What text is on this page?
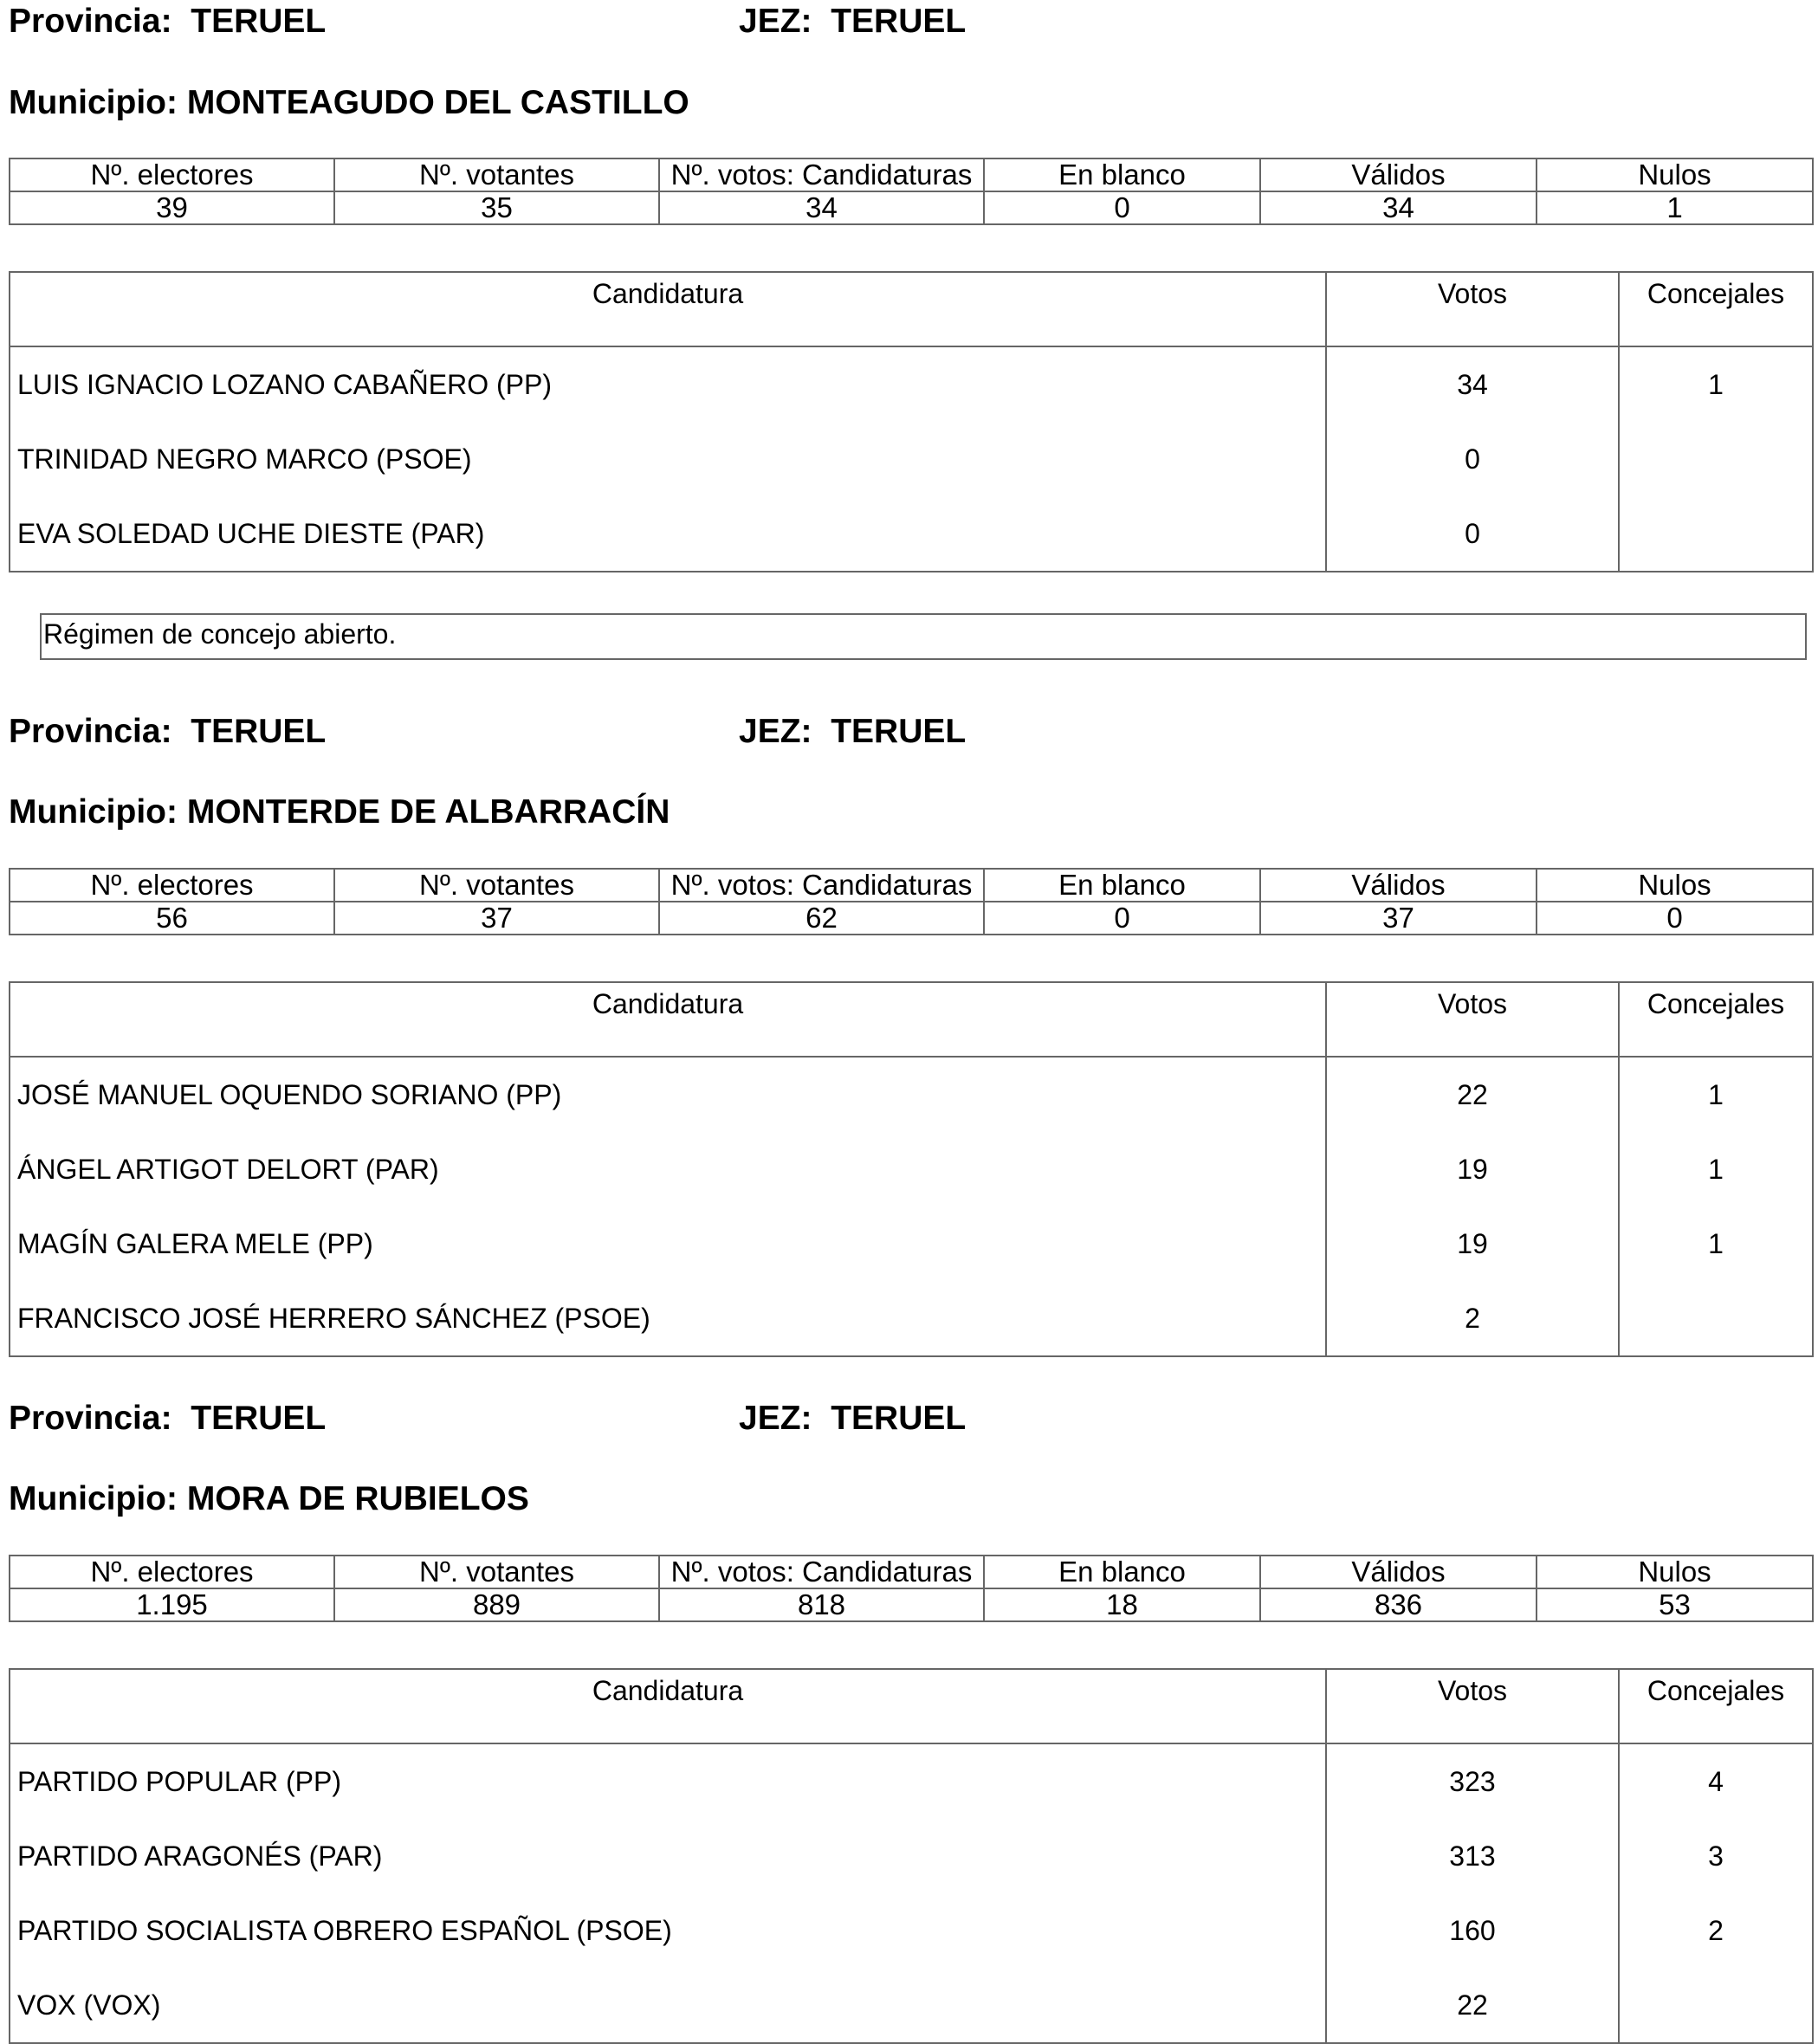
Provincia: TERUEL	JEZ: TERUEL
Municipio: MONTEAGUDO DEL CASTILLO
Nº. electores	Nº. votantes	Nº. votos: Candidaturas	En blanco	Válidos	Nulos
39	35	34	0	34	1
Candidatura	Votos	Concejales
LUIS IGNACIO LOZANO CABAÑERO (PP)	34	1
TRINIDAD NEGRO MARCO (PSOE)	0	
EVA SOLEDAD UCHE DIESTE (PAR)	0	
Régimen de concejo abierto.
Provincia: TERUEL	JEZ: TERUEL
Municipio: MONTERDE DE ALBARRACÍN
Nº. electores	Nº. votantes	Nº. votos: Candidaturas	En blanco	Válidos	Nulos
56	37	62	0	37	0
Candidatura	Votos	Concejales
JOSÉ MANUEL OQUENDO SORIANO (PP)	22	1
ÁNGEL ARTIGOT DELORT (PAR)	19	1
MAGÍN GALERA MELE (PP)	19	1
FRANCISCO JOSÉ HERRERO SÁNCHEZ (PSOE)	2	
Provincia: TERUEL	JEZ: TERUEL
Municipio: MORA DE RUBIELOS
Nº. electores	Nº. votantes	Nº. votos: Candidaturas	En blanco	Válidos	Nulos
1.195	889	818	18	836	53
Candidatura	Votos	Concejales
PARTIDO POPULAR (PP)	323	4
PARTIDO ARAGONÉS (PAR)	313	3
PARTIDO SOCIALISTA OBRERO ESPAÑOL (PSOE)	160	2
VOX (VOX)	22	
